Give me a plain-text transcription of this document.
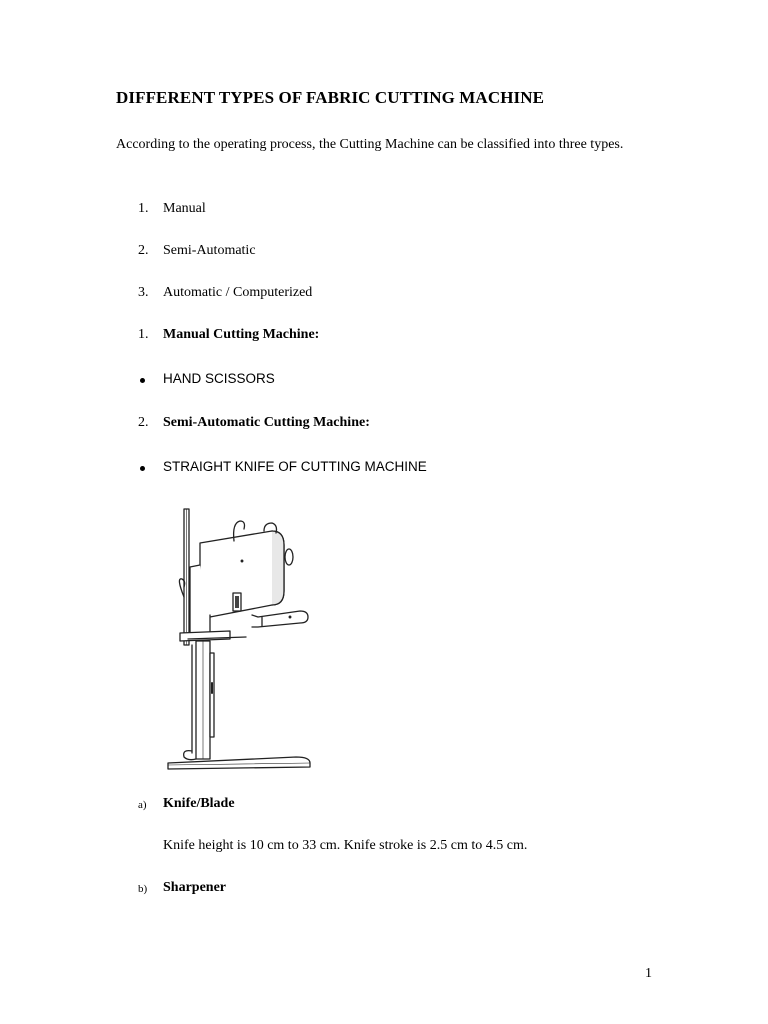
DIFFERENT TYPES OF FABRIC CUTTING MACHINE
According to the operating process, the Cutting Machine can be classified into three types.
1. Manual
2. Semi-Automatic
3. Automatic / Computerized
1. Manual Cutting Machine:
HAND SCISSORS
2. Semi-Automatic Cutting Machine:
STRAIGHT KNIFE OF CUTTING MACHINE
a) Knife/Blade
Knife height is 10 cm to 33 cm. Knife stroke is 2.5 cm to 4.5 cm.
b) Sharpener
1
